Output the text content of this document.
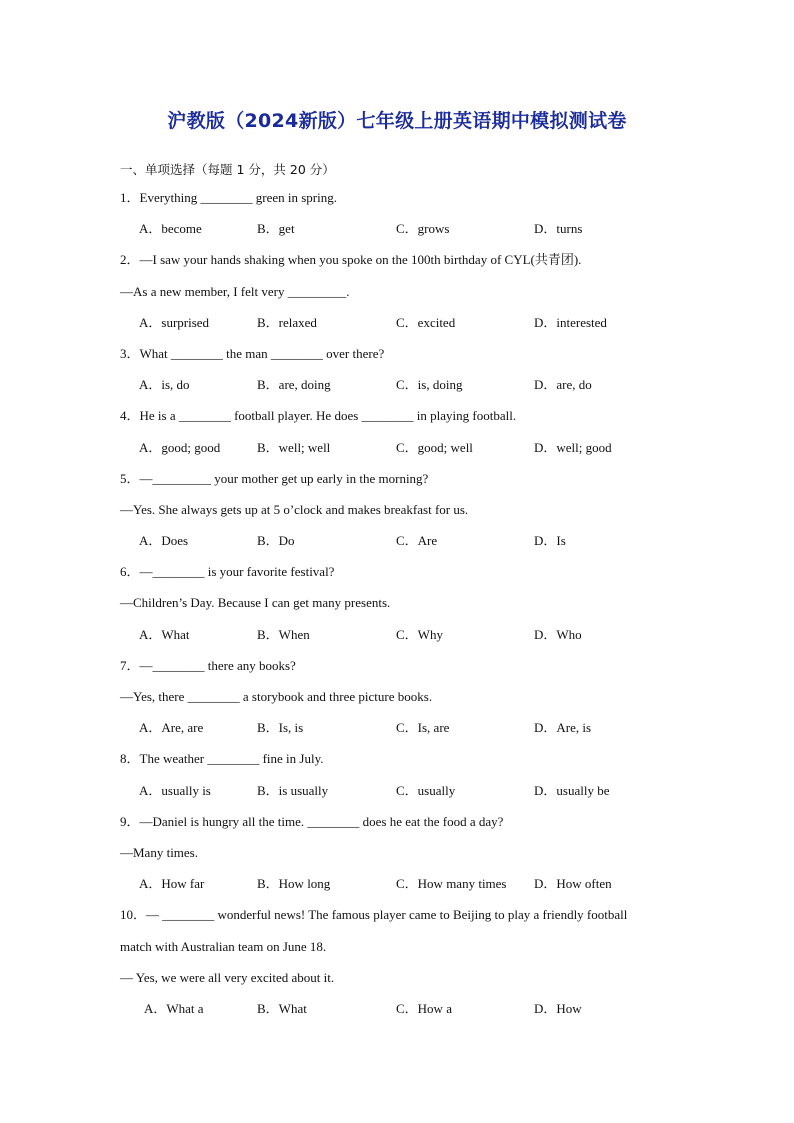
沪教版（2024新版）七年级上册英语期中模拟测试卷
一、单项选择（每题 1 分，共 20 分）
1．Everything ________ green in spring.
A．become	B．get	C．grows	D．turns
2．—I saw your hands shaking when you spoke on the 100th birthday of CYL(共青团).
—As a new member, I felt very _________.
A．surprised	B．relaxed	C．excited	D．interested
3．What ________ the man ________ over there?
A．is, do	B．are, doing	C．is, doing	D．are, do
4．He is a ________ football player. He does ________ in playing football.
A．good; good	B．well; well	C．good; well	D．well; good
5．—_________ your mother get up early in the morning?
—Yes. She always gets up at 5 o’clock and makes breakfast for us.
A．Does	B．Do	C．Are	D．Is
6．—________ is your favorite festival?
—Children’s Day. Because I can get many presents.
A．What	B．When	C．Why	D．Who
7．—________ there any books?
—Yes, there ________ a storybook and three picture books.
A．Are, are	B．Is, is	C．Is, are	D．Are, is
8．The weather ________ fine in July.
A．usually is	B．is usually	C．usually	D．usually be
9．—Daniel is hungry all the time. ________ does he eat the food a day?
—Many times.
A．How far	B．How long	C．How many times D．How often
10．— ________ wonderful news! The famous player came to Beijing to play a friendly football
match with Australian team on June 18.
— Yes, we were all very excited about it.
A．What a	B．What	C．How a	D．How
